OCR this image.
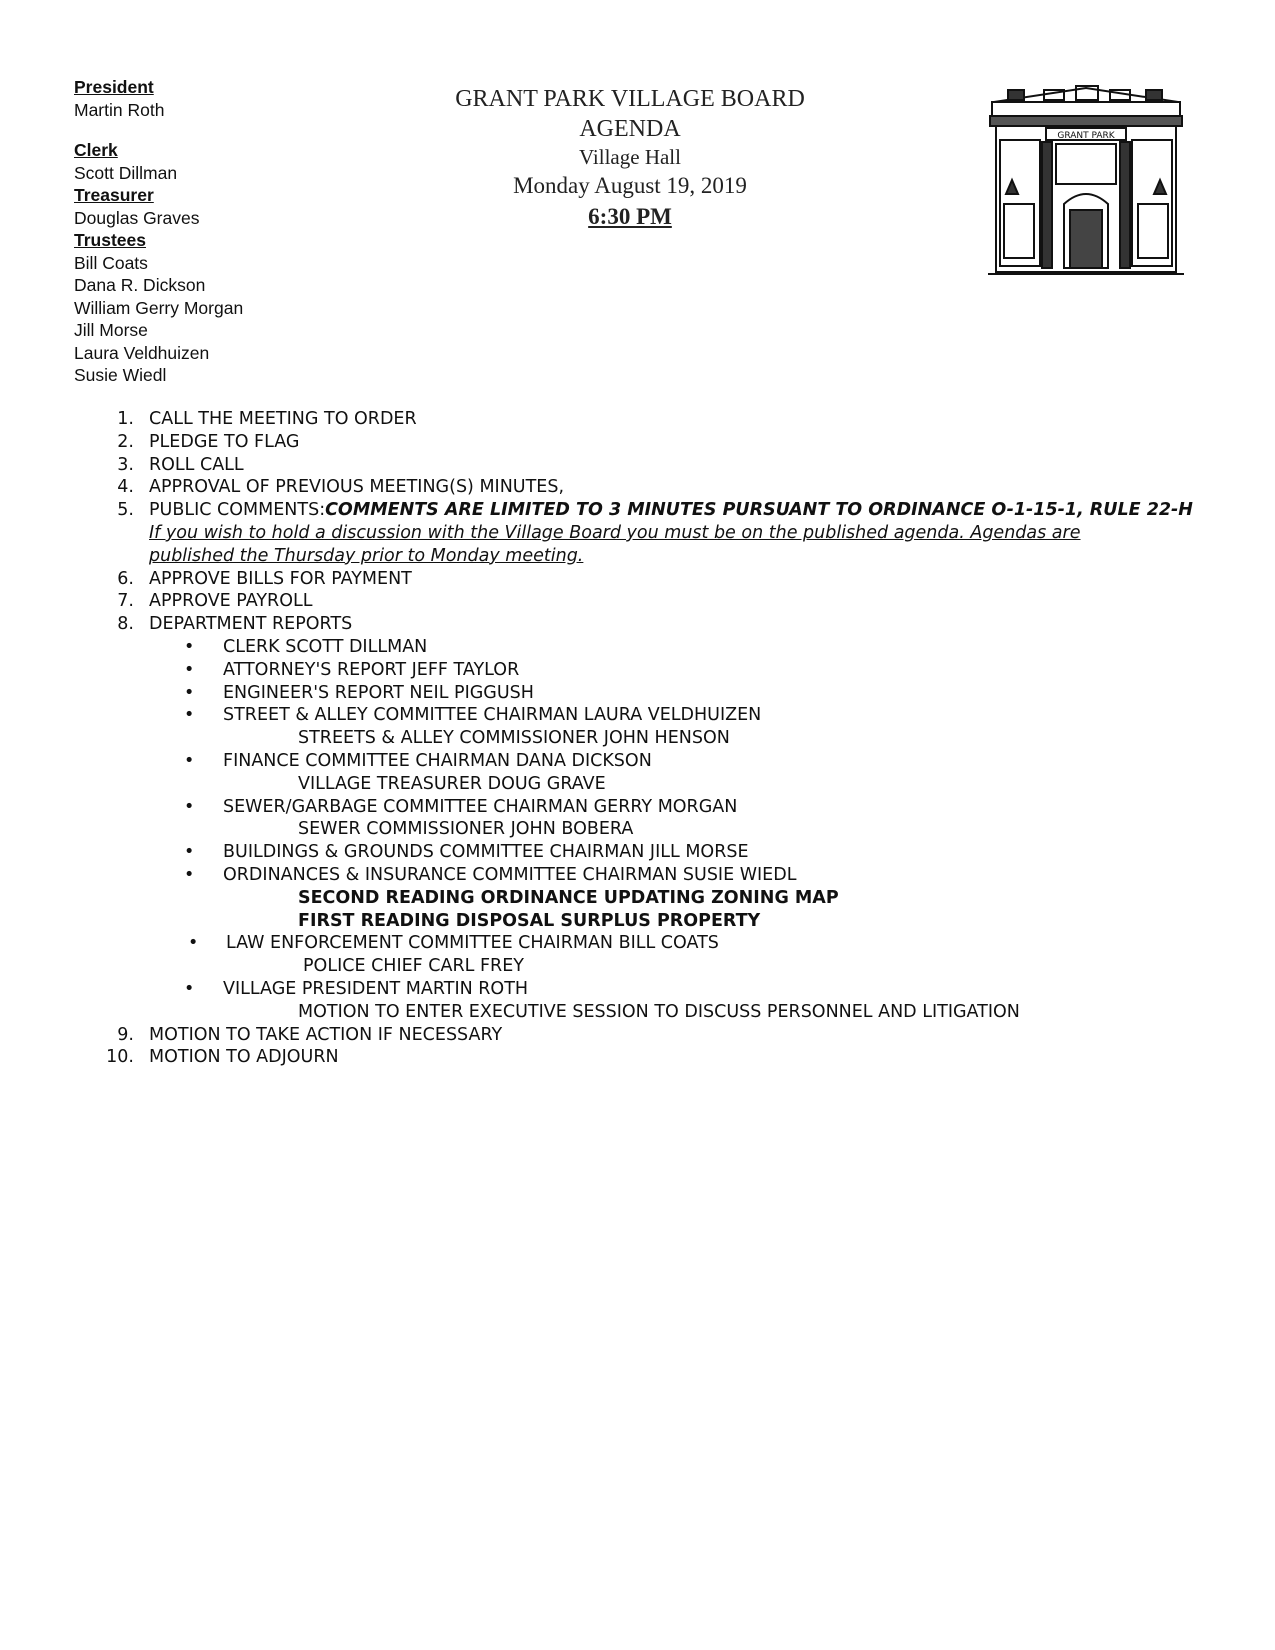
President
Martin Roth
Clerk
Scott Dillman
Treasurer
Douglas Graves
Trustees
Bill Coats
Dana R. Dickson
William Gerry Morgan
Jill Morse
Laura Veldhuizen
Susie Wiedl
GRANT PARK VILLAGE BOARD
AGENDA
Village Hall
Monday August 19, 2019
6:30 PM
GRANT PARK
1. CALL THE MEETING TO ORDER
2. PLEDGE TO FLAG
3. ROLL CALL
4. APPROVAL OF PREVIOUS MEETING(S) MINUTES,
5. PUBLIC COMMENTS:COMMENTS ARE LIMITED TO 3 MINUTES PURSUANT TO ORDINANCE O-1-15-1, RULE 22-H
If you wish to hold a discussion with the Village Board you must be on the published agenda. Agendas are published the Thursday prior to Monday meeting.
6. APPROVE BILLS FOR PAYMENT
7. APPROVE PAYROLL
8. DEPARTMENT REPORTS
• CLERK SCOTT DILLMAN
• ATTORNEY'S REPORT JEFF TAYLOR
• ENGINEER'S REPORT NEIL PIGGUSH
• STREET & ALLEY COMMITTEE CHAIRMAN LAURA VELDHUIZEN
STREETS & ALLEY COMMISSIONER JOHN HENSON
• FINANCE COMMITTEE CHAIRMAN DANA DICKSON
VILLAGE TREASURER DOUG GRAVE
• SEWER/GARBAGE COMMITTEE CHAIRMAN GERRY MORGAN
SEWER COMMISSIONER JOHN BOBERA
• BUILDINGS & GROUNDS COMMITTEE CHAIRMAN JILL MORSE
• ORDINANCES & INSURANCE COMMITTEE CHAIRMAN SUSIE WIEDL
SECOND READING ORDINANCE UPDATING ZONING MAP
FIRST READING DISPOSAL SURPLUS PROPERTY
• LAW ENFORCEMENT COMMITTEE CHAIRMAN BILL COATS
POLICE CHIEF CARL FREY
• VILLAGE PRESIDENT MARTIN ROTH
MOTION TO ENTER EXECUTIVE SESSION TO DISCUSS PERSONNEL AND LITIGATION
9. MOTION TO TAKE ACTION IF NECESSARY
10. MOTION TO ADJOURN
